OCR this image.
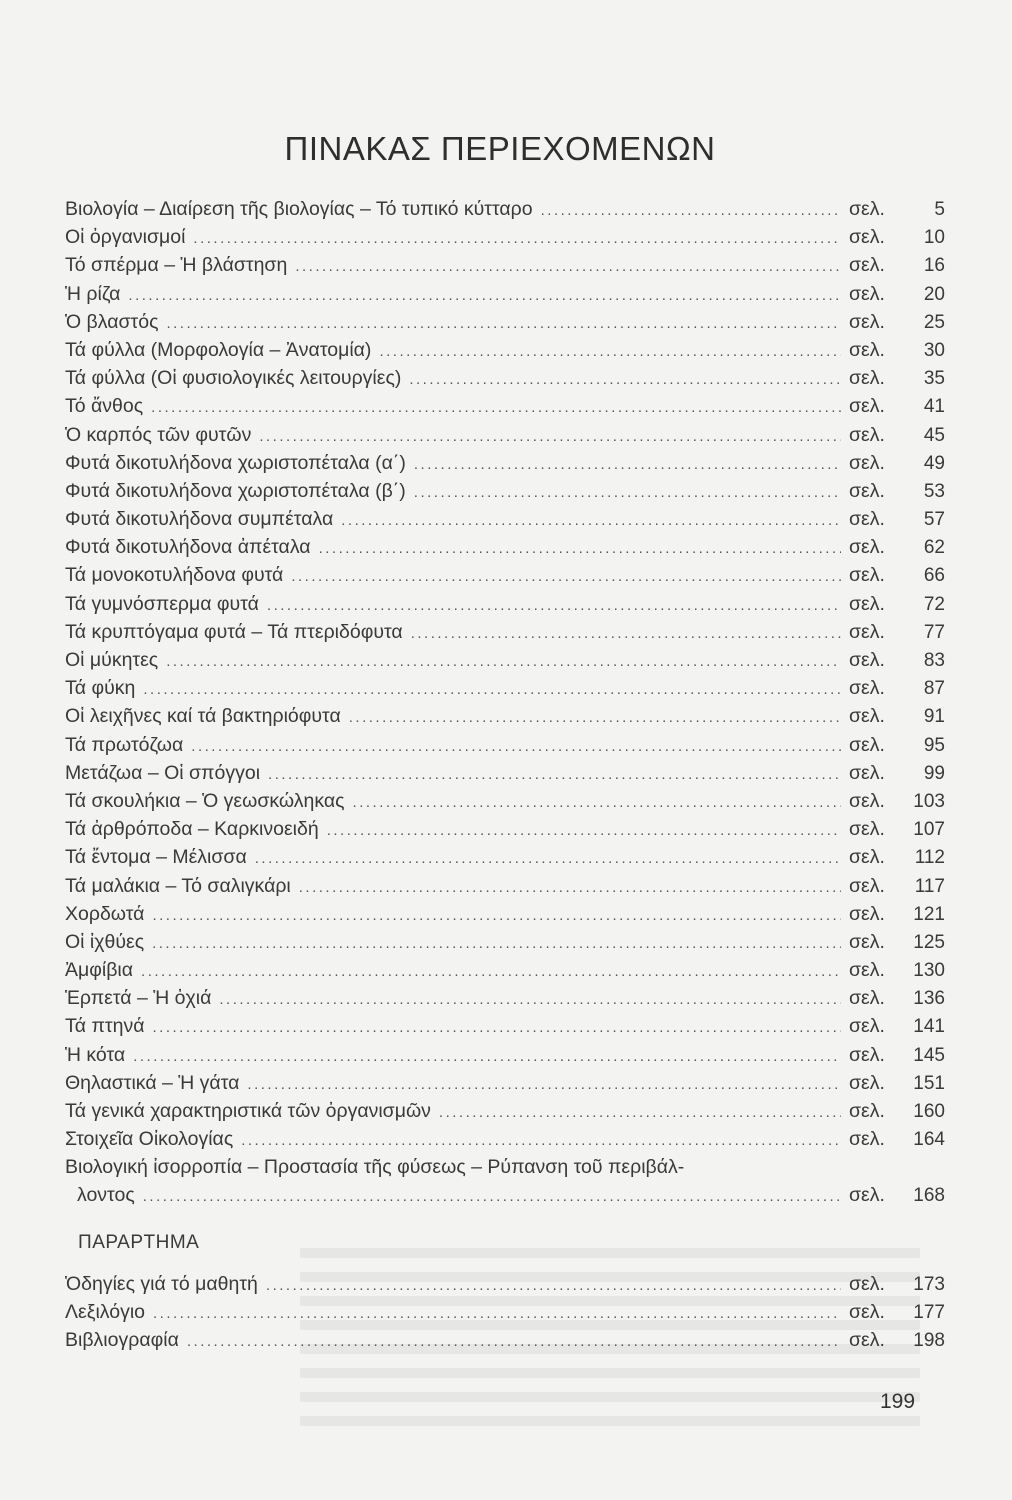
ΠΙΝΑΚΑΣ ΠΕΡΙΕΧΟΜΕΝΩΝ
Βιολογία – Διαίρεση τῆς βιολογίας – Τό τυπικό κύτταρο .....	σελ.	5
Οἱ ὀργανισμοί .....	σελ.	10
Τό σπέρμα – Ἡ βλάστηση .....	σελ.	16
Ἡ ρίζα .....	σελ.	20
Ὁ βλαστός .....	σελ.	25
Τά φύλλα (Μορφολογία – Ἀνατομία) .....	σελ.	30
Τά φύλλα (Οἱ φυσιολογικές λειτουργίες) .....	σελ.	35
Τό ἄνθος .....	σελ.	41
Ὁ καρπός τῶν φυτῶν .....	σελ.	45
Φυτά δικοτυλήδονα χωριστοπέταλα (α΄) .....	σελ.	49
Φυτά δικοτυλήδονα χωριστοπέταλα (β΄) .....	σελ.	53
Φυτά δικοτυλήδονα συμπέταλα .....	σελ.	57
Φυτά δικοτυλήδονα ἀπέταλα .....	σελ.	62
Τά μονοκοτυλήδονα φυτά .....	σελ.	66
Τά γυμνόσπερμα φυτά .....	σελ.	72
Τά κρυπτόγαμα φυτά – Τά πτεριδόφυτα .....	σελ.	77
Οἱ μύκητες .....	σελ.	83
Τά φύκη .....	σελ.	87
Οἱ λειχῆνες καί τά βακτηριόφυτα .....	σελ.	91
Τά πρωτόζωα .....	σελ.	95
Μετάζωα – Οἱ σπόγγοι .....	σελ.	99
Τά σκουλήκια – Ὁ γεωσκώληκας .....	σελ.	103
Τά ἀρθρόποδα – Καρκινοειδή .....	σελ.	107
Τά ἔντομα – Μέλισσα .....	σελ.	112
Τά μαλάκια – Τό σαλιγκάρι .....	σελ.	117
Χορδωτά .....	σελ.	121
Οἱ ἰχθύες .....	σελ.	125
Ἀμφίβια .....	σελ.	130
Ἑρπετά – Ἡ ὀχιά .....	σελ.	136
Τά πτηνά .....	σελ.	141
Ἡ κότα .....	σελ.	145
Θηλαστικά – Ἡ γάτα .....	σελ.	151
Τά γενικά χαρακτηριστικά τῶν ὀργανισμῶν .....	σελ.	160
Στοιχεῖα Οἰκολογίας .....	σελ.	164
Βιολογική ἰσορροπία – Προστασία τῆς φύσεως – Ρύπανση τοῦ περιβάλ-
λοντος .....	σελ.	168
ΠΑΡΑΡΤΗΜΑ
Ὁδηγίες γιά τό μαθητή .....	σελ.	173
Λεξιλόγιο .....	σελ.	177
Βιβλιογραφία .....	σελ.	198
199
